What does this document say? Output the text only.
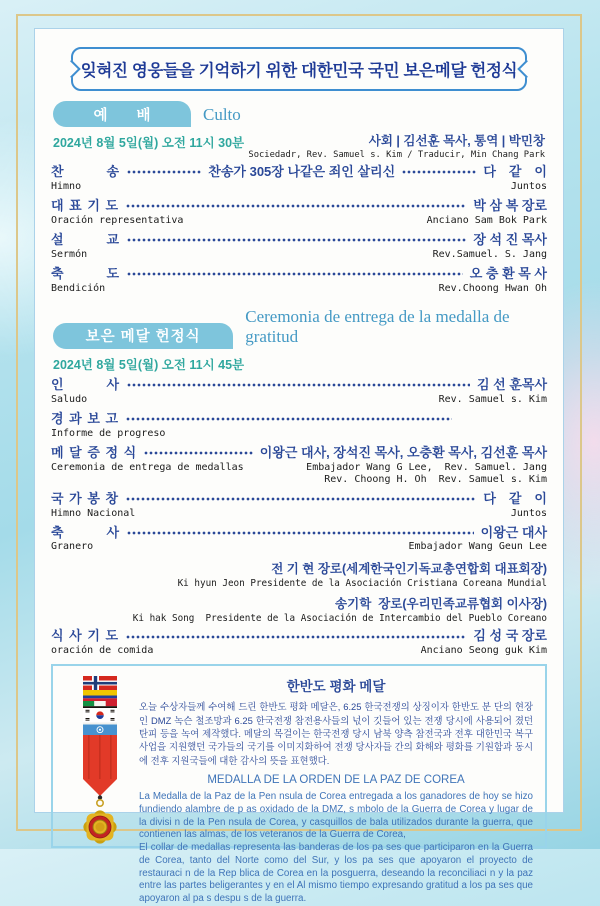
잊혀진 영웅들을 기억하기 위한 대한민국 국민 보은메달 헌정식
예　　배	Culto
2024년 8월 5일(월) 오전 11시 30분	사회 | 김선훈 목사, 통역 | 박민창
Sociedadr, Rev. Samuel s. Kim / Traducir, Min Chang Park
찬　　　송	찬송가 305장 나같은 죄인 살리신	다　같　이
Himno	Juntos
대 표 기 도	박 삼 복 장로
Oración representativa	Anciano Sam Bok Park
설　　　교	장 석 진 목사
Sermón	Rev.Samuel. S. Jang
축　　　도	오 충 환 목 사
Bendición	Rev.Choong Hwan Oh
보은 메달 헌정식
Ceremonia de entrega de la medalla de gratitud
2024년 8월 5일(월) 오전 11시 45분
인　　　사	김 선 훈목사
Saludo	Rev. Samuel s. Kim
경 과 보 고
Informe de progreso
메 달 증 정 식	이왕근 대사, 장석진 목사, 오충환 목사, 김선훈 목사
Ceremonia de entrega de medallas	Embajador Wang G Lee,  Rev. Samuel. Jang
Rev. Choong H. Oh  Rev. Samuel s. Kim
국 가 봉 창	다　같　이
Himno Nacional	Juntos
축　　　사	이왕근 대사
Granero	Embajador Wang Geun Lee
전 기 현 장로(세계한국인기독교총연합회 대표회장)
Ki hyun Jeon Presidente de la Asociación Cristiana Coreana Mundial
송기학  장로(우리민족교류협회 이사장)
Ki hak Song  Presidente de la Asociación de Intercambio del Pueblo Coreano
식 사 기 도	김 성 국 장로
oración de comida	Anciano Seong guk Kim
한반도 평화 메달
오늘 수상자들께 수여해 드린 한반도 평화 메달은, 6.25 한국전쟁의 상징이자 한반도 분 단의 현장인 DMZ 녹슨 철조망과 6.25 한국전쟁 참전용사들의 넋이 깃들어 있는 전쟁 당시에 사용되어 졌던 탄피 등을 녹여 제작했다. 메달의 목걸이는 한국전쟁 당시 남북 양측 참전국과 전후 대한민국 복구사업을 지원했던 국가들의 국기를 이미지화하여 전쟁 당사자들 간의 화해와 평화를 기원함과 동시에 전후 지원국들에 대한 감사의 뜻을 표현했다.
MEDALLA DE LA ORDEN DE LA PAZ DE COREA
La Medalla de la Paz de la Pen nsula de Corea entregada a los ganadores de hoy se hizo fundiendo alambre de p as oxidado de la DMZ, s mbolo de la Guerra de Corea y lugar de la divisi n de la Pen nsula de Corea, y casquillos de bala utilizados durante la guerra, que contienen las almas, de los veteranos de la Guerra de Corea,
El collar de medallas representa las banderas de los pa ses que participaron en la Guerra de Corea, tanto del Norte como del Sur, y los pa ses que apoyaron el proyecto de restauraci n de la Rep blica de Corea en la posguerra, deseando la reconciliaci n y la paz entre las partes beligerantes y en el Al mismo tiempo expresando gratitud a los pa ses que apoyaron al pa s despu s de la guerra.
